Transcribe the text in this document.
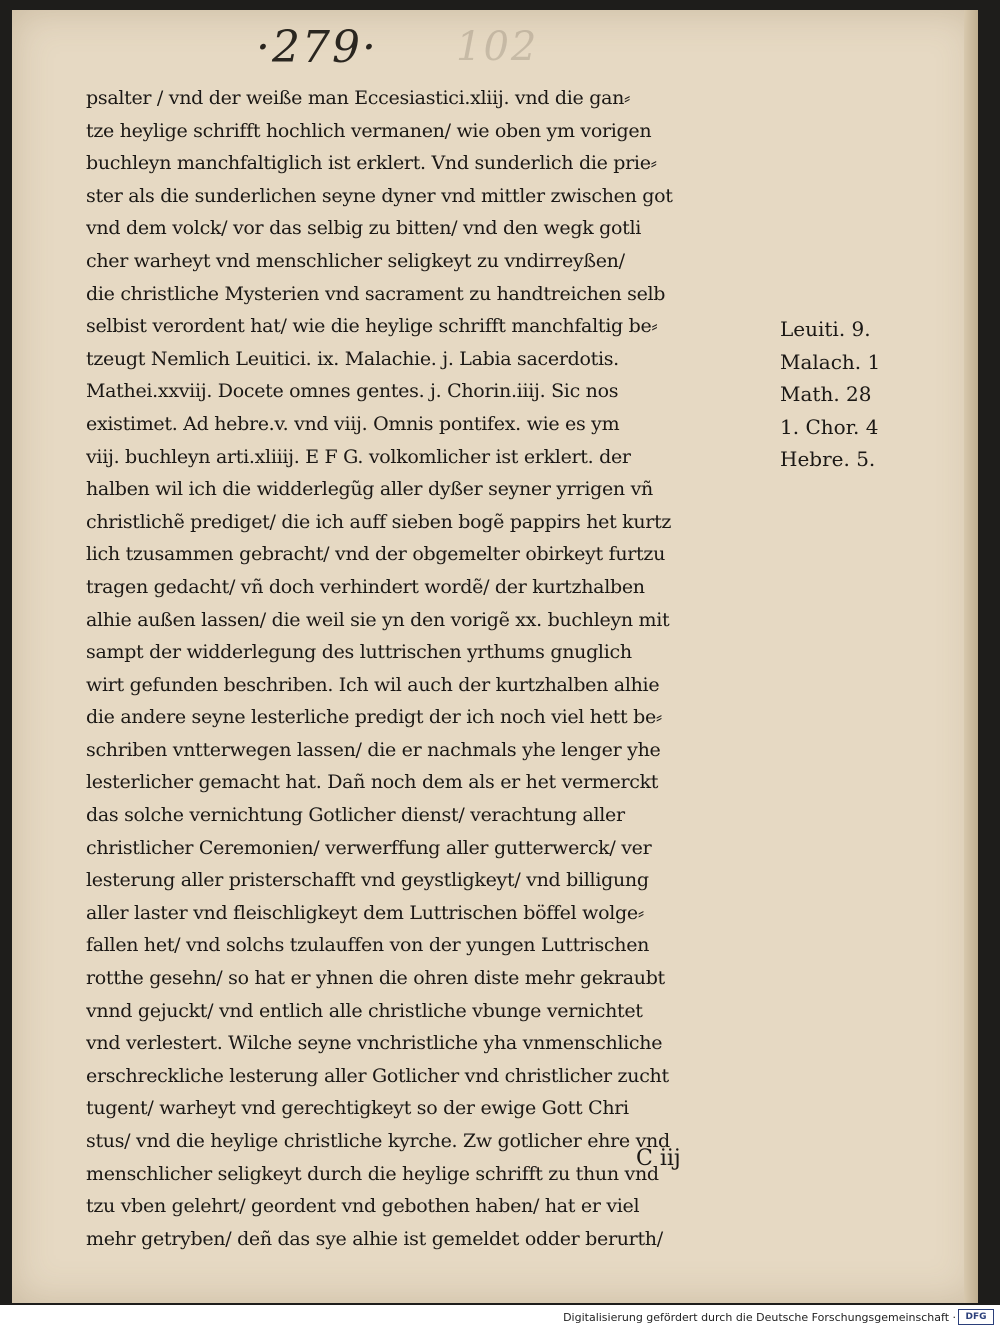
102
·279·
psalter / vnd der weiße man Eccesiastici.xliij. vnd die gan⸗
tze heylige schrifft hochlich vermanen/ wie oben ym vorigen
buchleyn manchfaltiglich ist erklert. Vnd sunderlich die prie⸗
ster als die sunderlichen seyne dyner vnd mittler zwischen got
vnd dem volck/ vor das selbig zu bitten/ vnd den wegk gotli
cher warheyt vnd menschlicher seligkeyt zu vndirreyßen/
die christliche Mysterien vnd sacrament zu handtreichen selb
selbist verordent hat/ wie die heylige schrifft manchfaltig be⸗
tzeugt Nemlich Leuitici. ix. Malachie. j. Labia sacerdotis.
Mathei.xxviij. Docete omnes gentes. j. Chorin.iiij. Sic nos
existimet. Ad hebre.v. vnd viij. Omnis pontifex. wie es ym
viij. buchleyn arti.xliiij. E F G. volkomlicher ist erklert. der
halben wil ich die widderlegũg aller dyßer seyner yrrigen vñ
christlichẽ prediget/ die ich auff sieben bogẽ pappirs het kurtz
lich tzusammen gebracht/ vnd der obgemelter obirkeyt furtzu
tragen gedacht/ vñ doch verhindert wordẽ/ der kurtzhalben
alhie außen lassen/ die weil sie yn den vorigẽ xx. buchleyn mit
sampt der widderlegung des luttrischen yrthums gnuglich
wirt gefunden beschriben. Ich wil auch der kurtzhalben alhie
die andere seyne lesterliche predigt der ich noch viel hett be⸗
schriben vntterwegen lassen/ die er nachmals yhe lenger yhe
lesterlicher gemacht hat. Dañ noch dem als er het vermerckt
das solche vernichtung Gotlicher dienst/ verachtung aller
christlicher Ceremonien/ verwerffung aller gutterwerck/ ver
lesterung aller pristerschafft vnd geystligkeyt/ vnd billigung
aller laster vnd fleischligkeyt dem Luttrischen böffel wolge⸗
fallen het/ vnd solchs tzulauffen von der yungen Luttrischen
rotthe gesehn/ so hat er yhnen die ohren diste mehr gekraubt
vnnd gejuckt/ vnd entlich alle christliche vbunge vernichtet
vnd verlestert. Wilche seyne vnchristliche yha vnmenschliche
erschreckliche lesterung aller Gotlicher vnd christlicher zucht
tugent/ warheyt vnd gerechtigkeyt so der ewige Gott Chri
stus/ vnd die heylige christliche kyrche. Zw gotlicher ehre vnd
menschlicher seligkeyt durch die heylige schrifft zu thun vnd
tzu vben gelehrt/ geordent vnd gebothen haben/ hat er viel
mehr getryben/ deñ das sye alhie ist gemeldet odder berurth/
Leuiti. 9.
Malach. 1
Math. 28
1. Chor. 4
Hebre. 5.
C iij
Digitalisierung gefördert durch die Deutsche Forschungsgemeinschaft ·	DFG
